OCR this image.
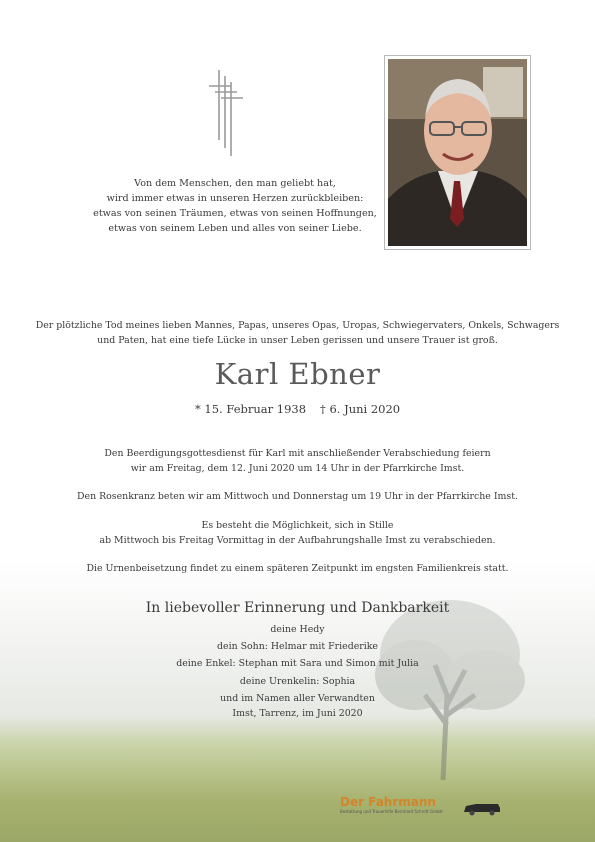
Von dem Menschen, den man geliebt hat,
wird immer etwas in unseren Herzen zurückbleiben:
etwas von seinen Träumen, etwas von seinen Hoffnungen,
etwas von seinem Leben und alles von seiner Liebe.
Der plötzliche Tod meines lieben Mannes, Papas, unseres Opas, Uropas, Schwiegervaters, Onkels, Schwagers
und Paten, hat eine tiefe Lücke in unser Leben gerissen und unsere Trauer ist groß.
Karl Ebner
* 15. Februar 1938 † 6. Juni 2020
Den Beerdigungsgottesdienst für Karl mit anschließender Verabschiedung feiern
wir am Freitag, dem 12. Juni 2020 um 14 Uhr in der Pfarrkirche Imst.
Den Rosenkranz beten wir am Mittwoch und Donnerstag um 19 Uhr in der Pfarrkirche Imst.
Es besteht die Möglichkeit, sich in Stille
ab Mittwoch bis Freitag Vormittag in der Aufbahrungshalle Imst zu verabschieden.
Die Urnenbeisetzung findet zu einem späteren Zeitpunkt im engsten Familienkreis statt.
In liebevoller Erinnerung und Dankbarkeit
deine Hedy
dein Sohn: Helmar mit Friederike
deine Enkel: Stephan mit Sara und Simon mit Julia
deine Urenkelin: Sophia
und im Namen aller Verwandten
Imst, Tarrenz, im Juni 2020
Der Fahrmann
Bestattung und Trauerhilfe Bernhard Schrott GmbH
